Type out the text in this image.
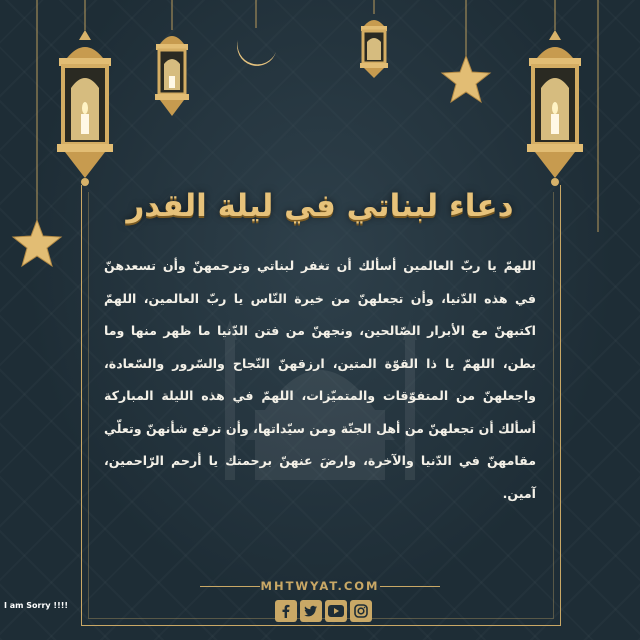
دعاء لبناتي في ليلة القدر
اللهمّ يا ربّ العالمين أسألك أن تغفر لبناتي وترحمهنّ وأن تسعدهنّ في هذه الدّنيا، وأن تجعلهنّ من خيرة النّاس يا ربّ العالمين، اللهمّ اكتبهنّ مع الأبرار الصّالحين، ونجهنّ من فتن الدّنيا ما ظهر منها وما بطن، اللهمّ يا ذا القوّة المتين، ارزقهنّ النّجاح والسّرور والسّعادة، واجعلهنّ من المتفوّقات والمتميّزات، اللهمّ في هذه الليلة المباركة أسألك أن تجعلهنّ من أهل الجنّة ومن سيّداتها، وأن ترفع شأنهنّ وتعلّي مقامهنّ في الدّنيا والآخرة، وارضَ عنهنّ برحمتك يا أرحم الرّاحمين، آمين.
MHTWYAT.COM
I am Sorry !!!!
